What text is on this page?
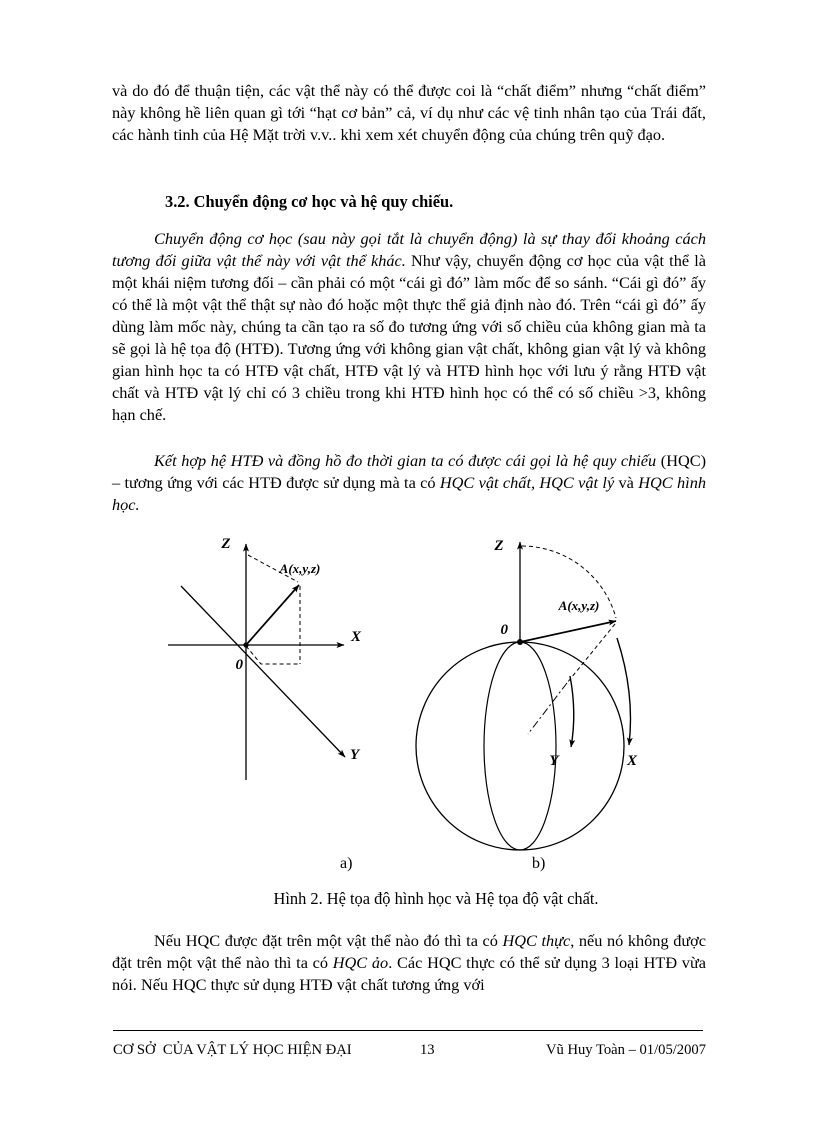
và do đó để thuận tiện, các vật thể này có thể được coi là “chất điểm” nhưng “chất điểm” này không hề liên quan gì tới “hạt cơ bản” cả, ví dụ như các vệ tinh nhân tạo của Trái đất, các hành tinh của Hệ Mặt trời v.v.. khi xem xét chuyển động của chúng trên quỹ đạo.

3.2. Chuyển động cơ học và hệ quy chiếu.

Chuyển động cơ học (sau này gọi tắt là chuyển động) là sự thay đổi khoảng cách tương đối giữa vật thể này với vật thể khác. Như vậy, chuyển động cơ học của vật thể là một khái niệm tương đối – cần phải có một “cái gì đó” làm mốc để so sánh. “Cái gì đó” ấy có thể là một vật thể thật sự nào đó hoặc một thực thể giả định nào đó. Trên “cái gì đó” ấy dùng làm mốc này, chúng ta cần tạo ra số đo tương ứng với số chiều của không gian mà ta sẽ gọi là hệ tọa độ (HTĐ). Tương ứng với không gian vật chất, không gian vật lý và không gian hình học ta có HTĐ vật chất, HTĐ vật lý và HTĐ hình học với lưu ý rằng HTĐ vật chất và HTĐ vật lý chỉ có 3 chiều trong khi HTĐ hình học có thể có số chiều >3, không hạn chế.

Kết hợp hệ HTĐ và đồng hồ đo thời gian ta có được cái gọi là hệ quy chiếu (HQC) – tương ứng với các HTĐ được sử dụng mà ta có HQC vật chất, HQC vật lý và HQC hình học.

Z
X
Y
0
A(x,y,z)
Z
0
A(x,y,z)
Y	X
a)	b)

Hình 2. Hệ tọa độ hình học và Hệ tọa độ vật chất.

Nếu HQC được đặt trên một vật thể nào đó thì ta có HQC thực, nếu nó không được đặt trên một vật thể nào thì ta có HQC ảo. Các HQC thực có thể sử dụng 3 loại HTĐ vừa nói. Nếu HQC thực sử dụng HTĐ vật chất tương ứng với

CƠ SỞ  CỦA VẬT LÝ HỌC HIỆN ĐẠI	13	Vũ Huy Toàn – 01/05/2007
